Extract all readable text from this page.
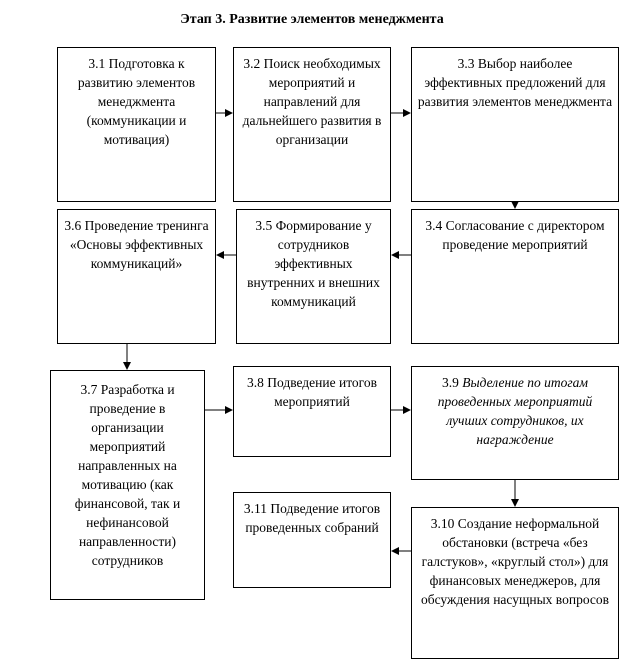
Этап 3. Развитие элементов менеджмента
3.1 Подготовка к развитию элементов менеджмента (коммуникации и мотивация)
3.2 Поиск необходимых мероприятий и направлений для дальнейшего развития в организации
3.3 Выбор наиболее эффективных предложений для развития элементов менеджмента
3.6 Проведение тренинга «Основы эффективных коммуникаций»
3.5 Формирование у сотрудников эффективных внутренних и внешних коммуникаций
3.4 Согласование с директором проведение мероприятий
3.7 Разработка и проведение в организации мероприятий направленных на мотивацию (как финансовой, так и нефинансовой направленности) сотрудников
3.8 Подведение итогов мероприятий
3.9 Выделение по итогам проведенных мероприятий лучших сотрудников, их награждение
3.11 Подведение итогов проведенных собраний	3.10 Создание неформальной обстановки (встреча «без галстуков», «круглый стол») для финансовых менеджеров, для обсуждения насущных вопросов
